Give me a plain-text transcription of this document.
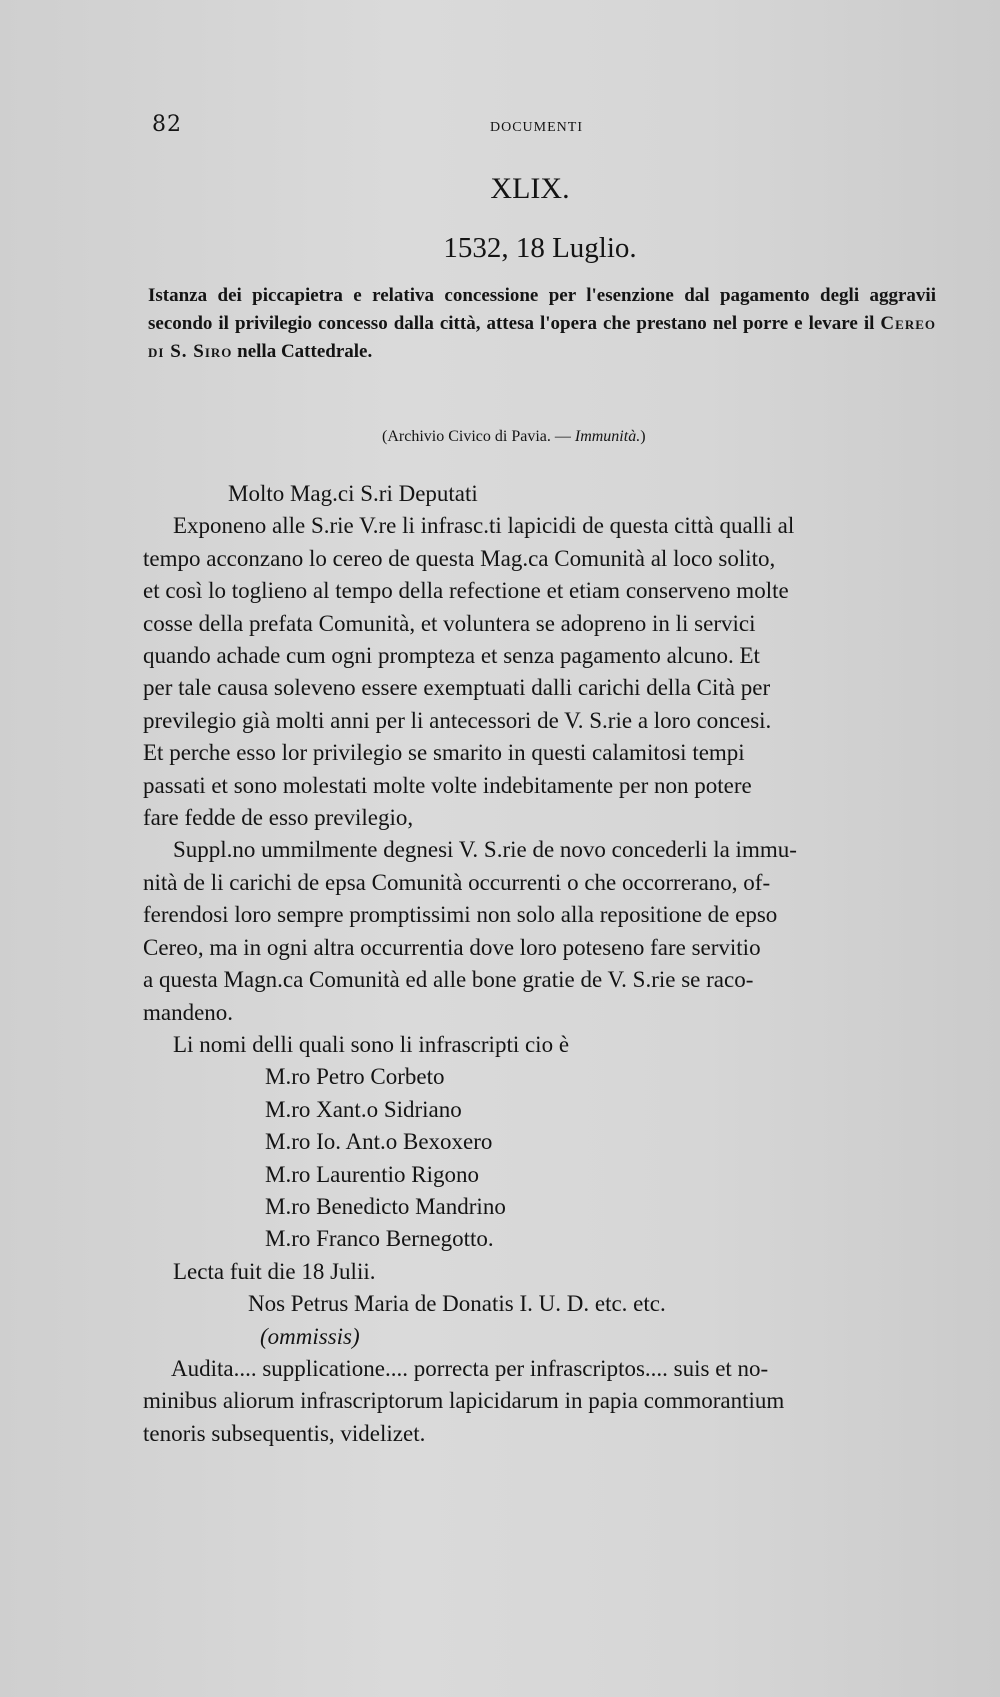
82	DOCUMENTI
XLIX.
1532, 18 Luglio.
Istanza dei piccapietra e relativa concessione per l'esenzione dal pagamento degli aggravii secondo il privilegio concesso dalla città, attesa l'opera che prestano nel porre e levare il Cereo di S. Siro nella Cattedrale.
(Archivio Civico di Pavia. — Immunità.)
Molto Mag.ci S.ri Deputati
Exponeno alle S.rie V.re li infrasc.ti lapicidi de questa città qualli al
tempo acconzano lo cereo de questa Mag.ca Comunità al loco solito,
et così lo toglieno al tempo della refectione et etiam conserveno molte
cosse della prefata Comunità, et voluntera se adopreno in li servici
quando achade cum ogni prompteza et senza pagamento alcuno. Et
per tale causa soleveno essere exemptuati dalli carichi della Cità per
previlegio già molti anni per li antecessori de V. S.rie a loro concesi.
Et perche esso lor privilegio se smarito in questi calamitosi tempi
passati et sono molestati molte volte indebitamente per non potere
fare fedde de esso previlegio,
Suppl.no ummilmente degnesi V. S.rie de novo concederli la immu-
nità de li carichi de epsa Comunità occurrenti o che occorrerano, of-
ferendosi loro sempre promptissimi non solo alla repositione de epso
Cereo, ma in ogni altra occurrentia dove loro poteseno fare servitio
a questa Magn.ca Comunità ed alle bone gratie de V. S.rie se raco-
mandeno.
Li nomi delli quali sono li infrascripti cio è
M.ro Petro Corbeto
M.ro Xant.o Sidriano
M.ro Io. Ant.o Bexoxero
M.ro Laurentio Rigono
M.ro Benedicto Mandrino
M.ro Franco Bernegotto.
Lecta fuit die 18 Julii.
Nos Petrus Maria de Donatis I. U. D. etc. etc.
(ommissis)
Audita.... supplicatione.... porrecta per infrascriptos.... suis et no-
minibus aliorum infrascriptorum lapicidarum in papia commorantium
tenoris subsequentis, videlizet.
